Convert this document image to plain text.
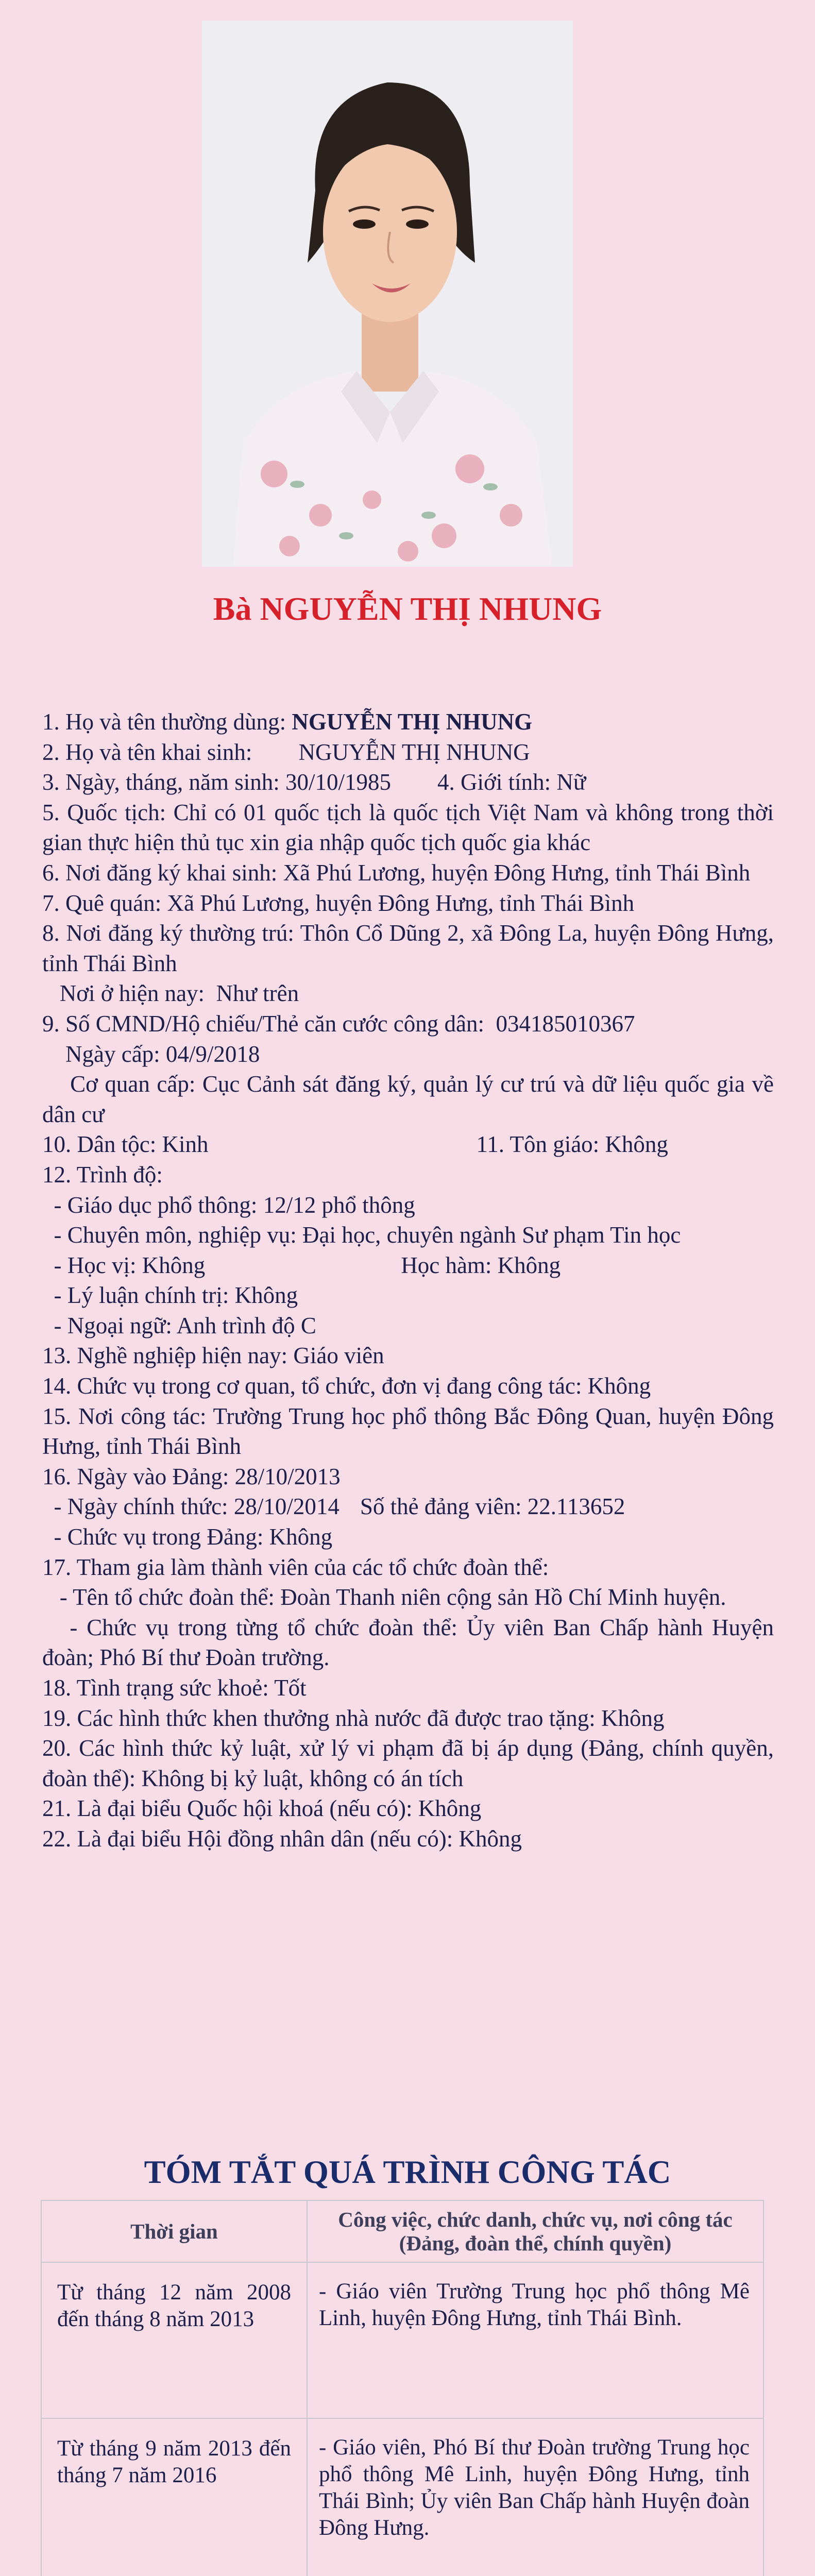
Bà NGUYỄN THỊ NHUNG

1. Họ và tên thường dùng: NGUYỄN THỊ NHUNG

2. Họ và tên khai sinh:        NGUYỄN THỊ NHUNG

3. Ngày, tháng, năm sinh: 30/10/1985        4. Giới tính: Nữ

5. Quốc tịch: Chỉ có 01 quốc tịch là quốc tịch Việt Nam và không trong thời gian thực hiện thủ tục xin gia nhập quốc tịch quốc gia khác

6. Nơi đăng ký khai sinh: Xã Phú Lương, huyện Đông Hưng, tỉnh Thái Bình

7. Quê quán: Xã Phú Lương, huyện Đông Hưng, tỉnh Thái Bình

8. Nơi đăng ký thường trú: Thôn Cổ Dũng 2, xã Đông La, huyện Đông Hưng, tỉnh Thái Bình

Nơi ở hiện nay:  Như trên

9. Số CMND/Hộ chiếu/Thẻ căn cước công dân:  034185010367

Ngày cấp: 04/9/2018

Cơ quan cấp: Cục Cảnh sát đăng ký, quản lý cư trú và dữ liệu quốc gia về dân cư

10. Dân tộc: Kinh	11. Tôn giáo: Không

12. Trình độ:

- Giáo dục phổ thông: 12/12 phổ thông

- Chuyên môn, nghiệp vụ: Đại học, chuyên ngành Sư phạm Tin học

- Học vị: Không	Học hàm: Không

- Lý luận chính trị: Không

- Ngoại ngữ: Anh trình độ C

13. Nghề nghiệp hiện nay: Giáo viên

14. Chức vụ trong cơ quan, tổ chức, đơn vị đang công tác: Không

15. Nơi công tác: Trường Trung học phổ thông Bắc Đông Quan, huyện Đông Hưng, tỉnh Thái Bình

16. Ngày vào Đảng: 28/10/2013

- Ngày chính thức: 28/10/2014 Số thẻ đảng viên: 22.113652

- Chức vụ trong Đảng: Không

17. Tham gia làm thành viên của các tổ chức đoàn thể:

- Tên tổ chức đoàn thể: Đoàn Thanh niên cộng sản Hồ Chí Minh huyện.

- Chức vụ trong từng tổ chức đoàn thể: Ủy viên Ban Chấp hành Huyện đoàn; Phó Bí thư Đoàn trường.

18. Tình trạng sức khoẻ: Tốt

19. Các hình thức khen thưởng nhà nước đã được trao tặng: Không

20. Các hình thức kỷ luật, xử lý vi phạm đã bị áp dụng (Đảng, chính quyền, đoàn thể): Không bị kỷ luật, không có án tích

21. Là đại biểu Quốc hội khoá (nếu có): Không

22. Là đại biểu Hội đồng nhân dân (nếu có): Không

TÓM TẮT QUÁ TRÌNH CÔNG TÁC
Thời gian	Công việc, chức danh, chức vụ, nơi công tác (Đảng, đoàn thể, chính quyền)
Từ tháng 12 năm 2008 đến tháng 8 năm 2013	- Giáo viên Trường Trung học phổ thông Mê Linh, huyện Đông Hưng, tỉnh Thái Bình.
Từ tháng 9 năm 2013 đến tháng 7 năm 2016	- Giáo viên, Phó Bí thư Đoàn trường Trung học phổ thông Mê Linh, huyện Đông Hưng, tỉnh Thái Bình; Ủy viên Ban Chấp hành Huyện đoàn Đông Hưng.
